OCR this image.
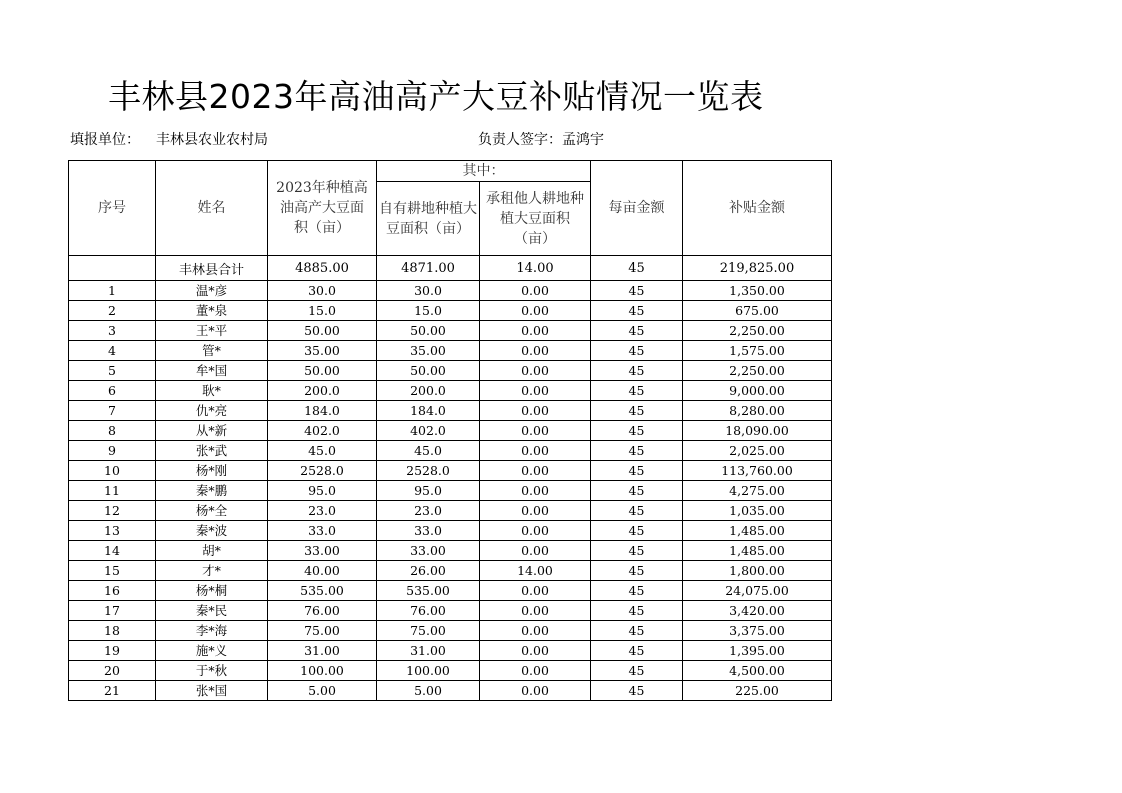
丰林县2023年高油高产大豆补贴情况一览表
填报单位： 丰林县农业农村局	负责人签字：孟鸿宇
序号	姓名	2023年种植高油高产大豆面积（亩）	其中：		每亩金额	补贴金额
			自有耕地种植大豆面积（亩）	承租他人耕地种植大豆面积（亩）		
	丰林县合计	4885.00	4871.00	14.00	45	219,825.00
1	温*彦	30.0	30.0	0.00	45	1,350.00
2	董*泉	15.0	15.0	0.00	45	675.00
3	王*平	50.00	50.00	0.00	45	2,250.00
4	管*	35.00	35.00	0.00	45	1,575.00
5	牟*国	50.00	50.00	0.00	45	2,250.00
6	耿*	200.0	200.0	0.00	45	9,000.00
7	仇*亮	184.0	184.0	0.00	45	8,280.00
8	从*新	402.0	402.0	0.00	45	18,090.00
9	张*武	45.0	45.0	0.00	45	2,025.00
10	杨*刚	2528.0	2528.0	0.00	45	113,760.00
11	秦*鹏	95.0	95.0	0.00	45	4,275.00
12	杨*全	23.0	23.0	0.00	45	1,035.00
13	秦*波	33.0	33.0	0.00	45	1,485.00
14	胡*	33.00	33.00	0.00	45	1,485.00
15	才*	40.00	26.00	14.00	45	1,800.00
16	杨*桐	535.00	535.00	0.00	45	24,075.00
17	秦*民	76.00	76.00	0.00	45	3,420.00
18	李*海	75.00	75.00	0.00	45	3,375.00
19	施*义	31.00	31.00	0.00	45	1,395.00
20	于*秋	100.00	100.00	0.00	45	4,500.00
21	张*国	5.00	5.00	0.00	45	225.00
